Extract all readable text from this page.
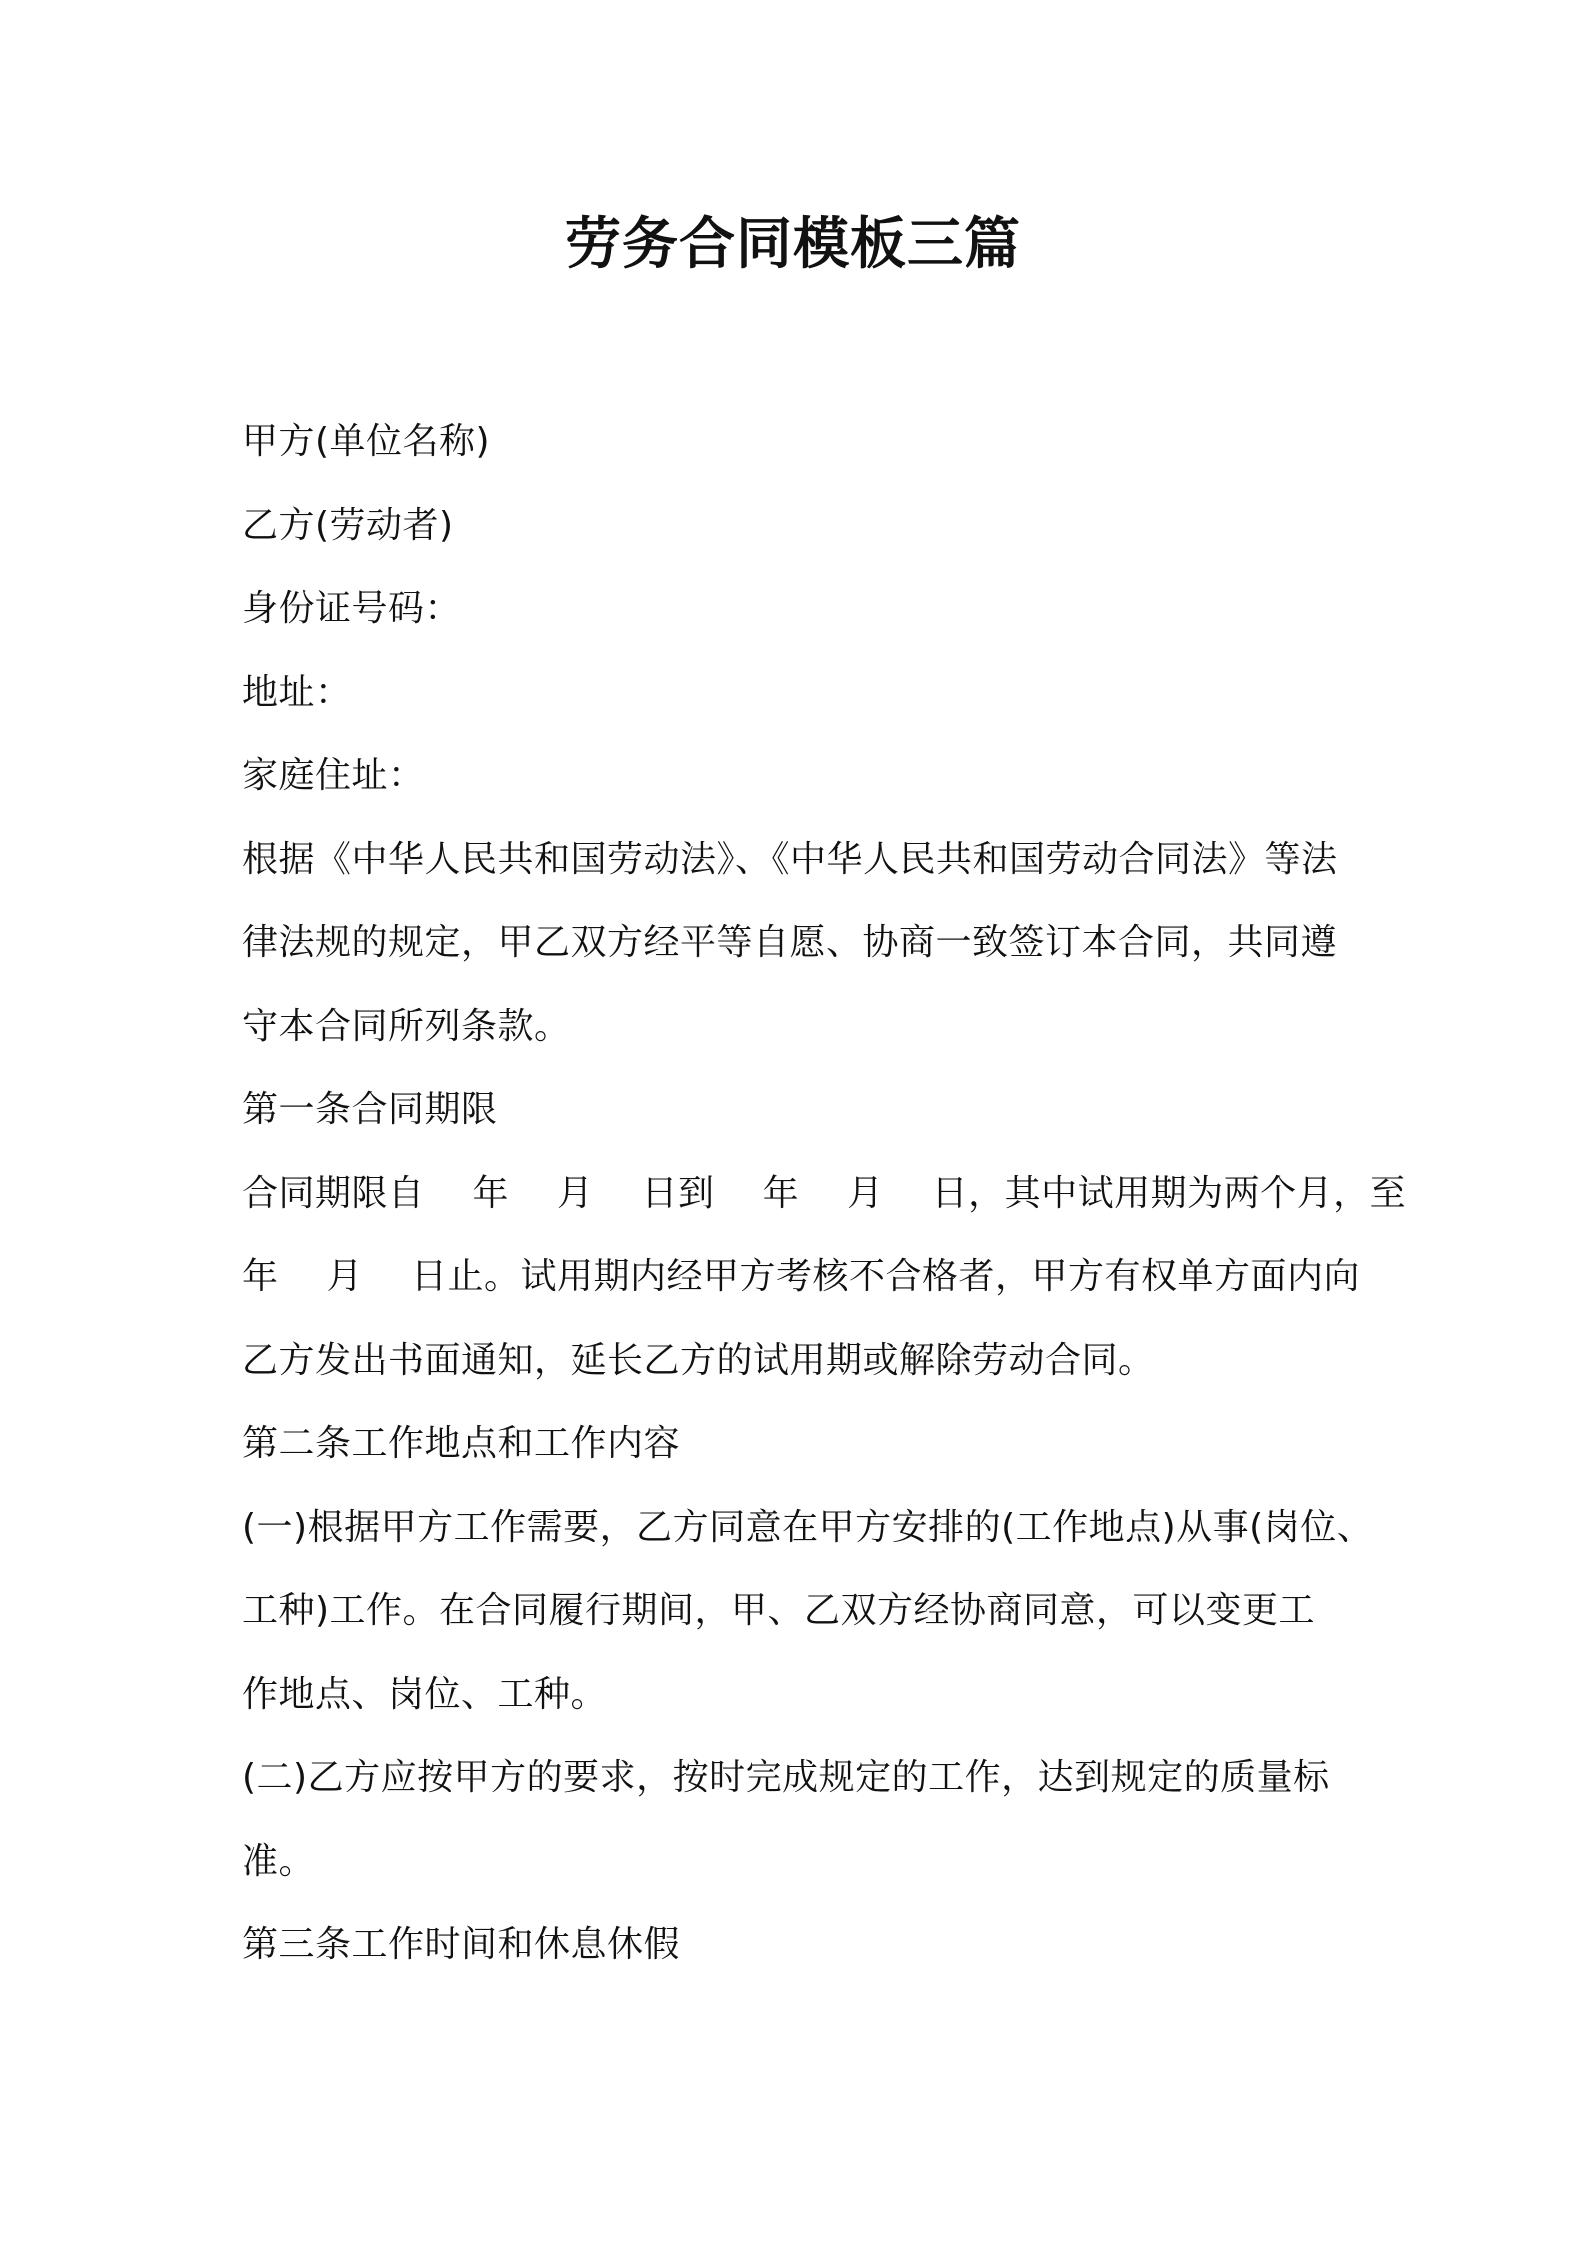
劳务合同模板三篇
甲方(单位名称)
乙方(劳动者)
身份证号码：
地址：
家庭住址：
根据《中华人民共和国劳动法》、《中华人民共和国劳动合同法》等法
律法规的规定，甲乙双方经平等自愿、协商一致签订本合同，共同遵
守本合同所列条款。
第一条合同期限
合同期限自 年 月 日到 年 月 日，其中试用期为两个月，至
年 月 日止。试用期内经甲方考核不合格者，甲方有权单方面内向
乙方发出书面通知，延长乙方的试用期或解除劳动合同。
第二条工作地点和工作内容
(一)根据甲方工作需要，乙方同意在甲方安排的(工作地点)从事(岗位、
工种)工作。在合同履行期间，甲、乙双方经协商同意，可以变更工
作地点、岗位、工种。
(二)乙方应按甲方的要求，按时完成规定的工作，达到规定的质量标
准。
第三条工作时间和休息休假
